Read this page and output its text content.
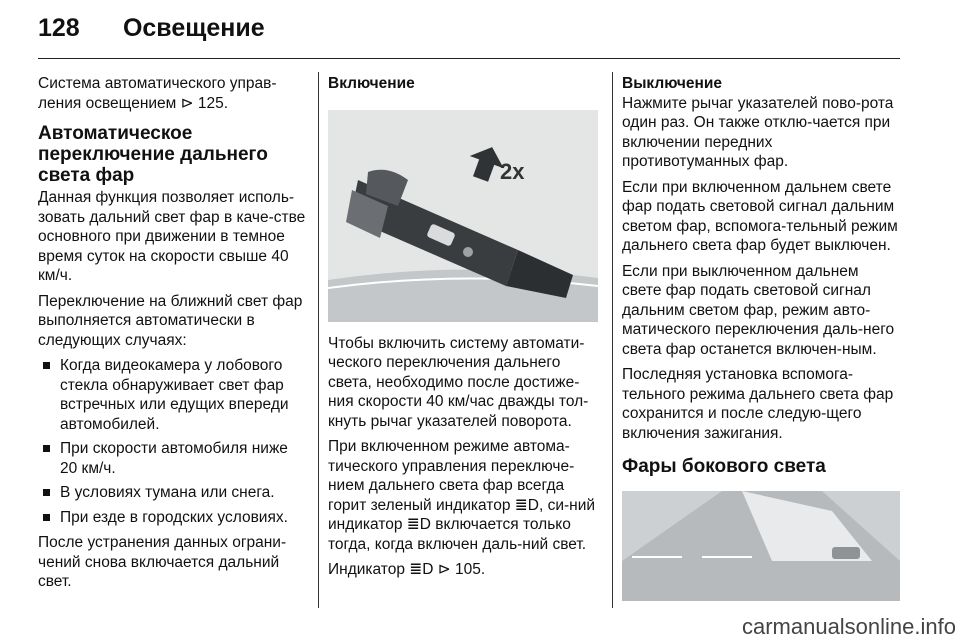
128 Освещение

Система автоматического управ-ления освещением ⊳ 125.

Автоматическое переключение дальнего света фар

Данная функция позволяет исполь-зовать дальний свет фар в каче-стве основного при движении в темное время суток на скорости свыше 40 км/ч.

Переключение на ближний свет фар выполняется автоматически в следующих случаях:

Когда видеокамера у лобового стекла обнаруживает свет фар встречных или едущих впереди автомобилей.
При скорости автомобиля ниже 20 км/ч.
В условиях тумана или снега.
При езде в городских условиях.

После устранения данных ограни-чений снова включается дальний свет.

Включение
2x

Чтобы включить систему автомати-ческого переключения дальнего света, необходимо после достиже-ния скорости 40 км/час дважды тол-кнуть рычаг указателей поворота.

При включенном режиме автома-тического управления переключе-нием дальнего света фар всегда горит зеленый индикатор ≣D, си-ний индикатор ≣D включается только тогда, когда включен даль-ний свет.

Индикатор ≣D ⊳ 105.

Выключение

Нажмите рычаг указателей пово-рота один раз. Он также отклю-чается при включении передних противотуманных фар.

Если при включенном дальнем свете фар подать световой сигнал дальним светом фар, вспомога-тельный режим дальнего света фар будет выключен.

Если при выключенном дальнем свете фар подать световой сигнал дальним светом фар, режим авто-матического переключения даль-него света фар останется включен-ным.

Последняя установка вспомога-тельного режима дальнего света фар сохранится и после следую-щего включения зажигания.

Фары бокового света
carmanualsonline.info
